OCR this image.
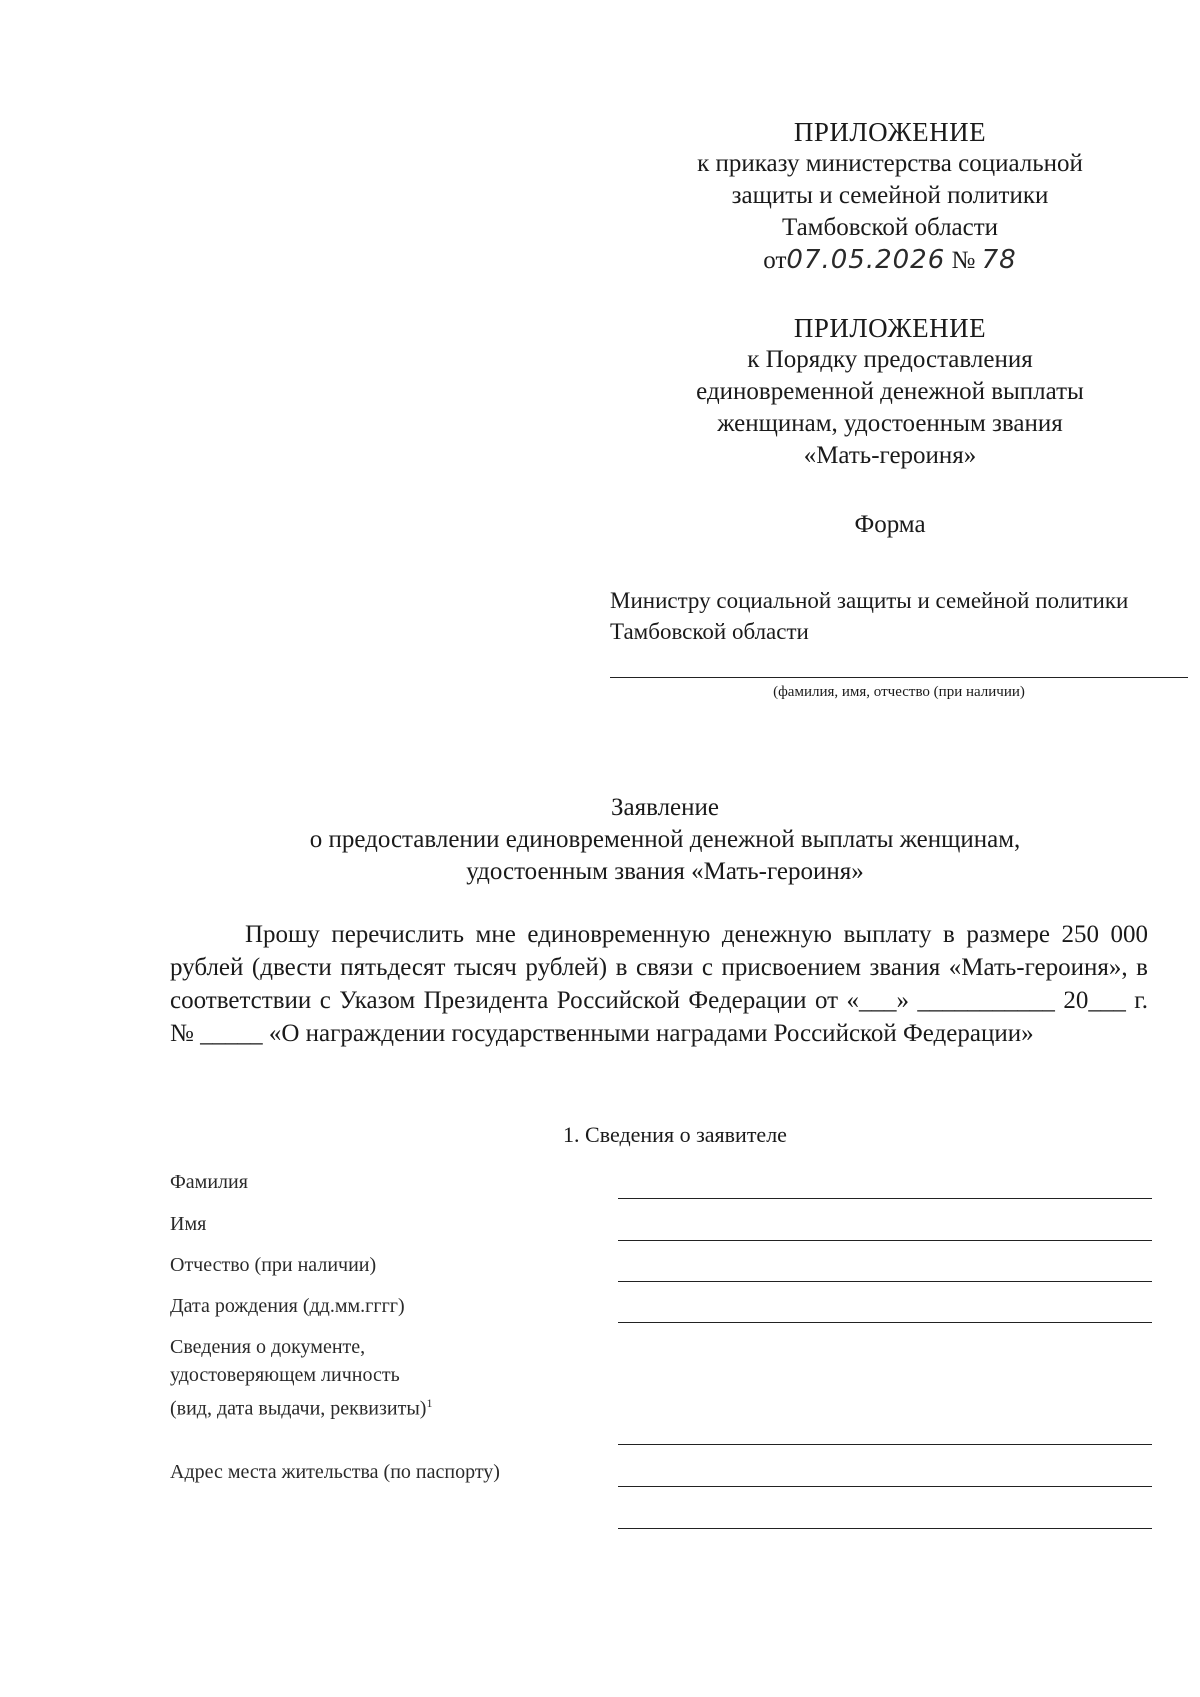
ПРИЛОЖЕНИЕ
к приказу министерства социальной
защиты и семейной политики
Тамбовской области
от07.05.2026 № 78
ПРИЛОЖЕНИЕ
к Порядку предоставления
единовременной денежной выплаты
женщинам, удостоенным звания
«Мать-героиня»
Форма
Министру социальной защиты и семейной политики
Тамбовской области
(фамилия, имя, отчество (при наличии)
Заявление
о предоставлении единовременной денежной выплаты женщинам,
удостоенным звания «Мать-героиня»

Прошу перечислить мне единовременную денежную выплату в размере 250 000 рублей (двести пятьдесят тысяч рублей) в связи с присвоением звания «Мать-героиня», в соответствии с Указом Президента Российской Федерации от «___» ___________ 20___ г. № _____ «О награждении государственными наградами Российской Федерации»

1. Сведения о заявителе
Фамилия
Имя
Отчество (при наличии)
Дата рождения (дд.мм.гггг)
Сведения о документе,
удостоверяющем личность
(вид, дата выдачи, реквизиты)$^1$
Адрес места жительства (по паспорту)
